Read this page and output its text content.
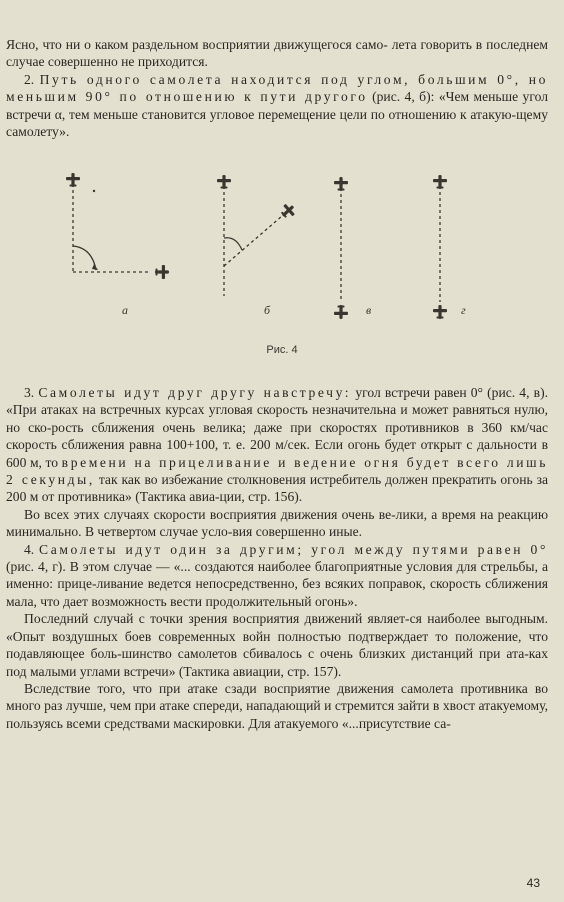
Ясно, что ни о каком раздельном восприятии движущегося само- лета говорить в последнем случае совершенно не приходится.

2. Путь одного самолета находится под углом, большим 0°, но меньшим 90° по отношению к пути другого (рис. 4, б): «Чем меньше угол встречи α, тем меньше становится угловое перемещение цели по отношению к атакую-щему самолету».

а	б	в	г
Рис. 4

3. Самолеты идут друг другу навстречу: угол встречи равен 0° (рис. 4, в). «При атаках на встречных курсах угловая скорость незначительна и может равняться нулю, но ско-рость сближения очень велика; даже при скоростях противников в 360 км/час скорость сближения равна 100+100, т. е. 200 м/сек. Если огонь будет открыт с дальности в 600 м, то времени на прицеливание и ведение огня будет всего лишь 2 секунды, так как во избежание столкновения истребитель должен прекратить огонь за 200 м от противника» (Тактика авиа-ции, стр. 156).

Во всех этих случаях скорости восприятия движения очень ве-лики, а время на реакцию минимально. В четвертом случае усло-вия совершенно иные.

4. Самолеты идут один за другим; угол между путями равен 0° (рис. 4, г). В этом случае — «... создаются наиболее благоприятные условия для стрельбы, а именно: прице-ливание ведется непосредственно, без всяких поправок, скорость сближения мала, что дает возможность вести продолжительный огонь».

Последний случай с точки зрения восприятия движений являет-ся наиболее выгодным. «Опыт воздушных боев современных войн полностью подтверждает то положение, что подавляющее боль-шинство самолетов сбивалось с очень близких дистанций при ата-ках под малыми углами встречи» (Тактика авиации, стр. 157).

Вследствие того, что при атаке сзади восприятие движения самолета противника во много раз лучше, чем при атаке спереди, нападающий и стремится зайти в хвост атакуемому, пользуясь всеми средствами маскировки. Для атакуемого «...присутствие са-

43
